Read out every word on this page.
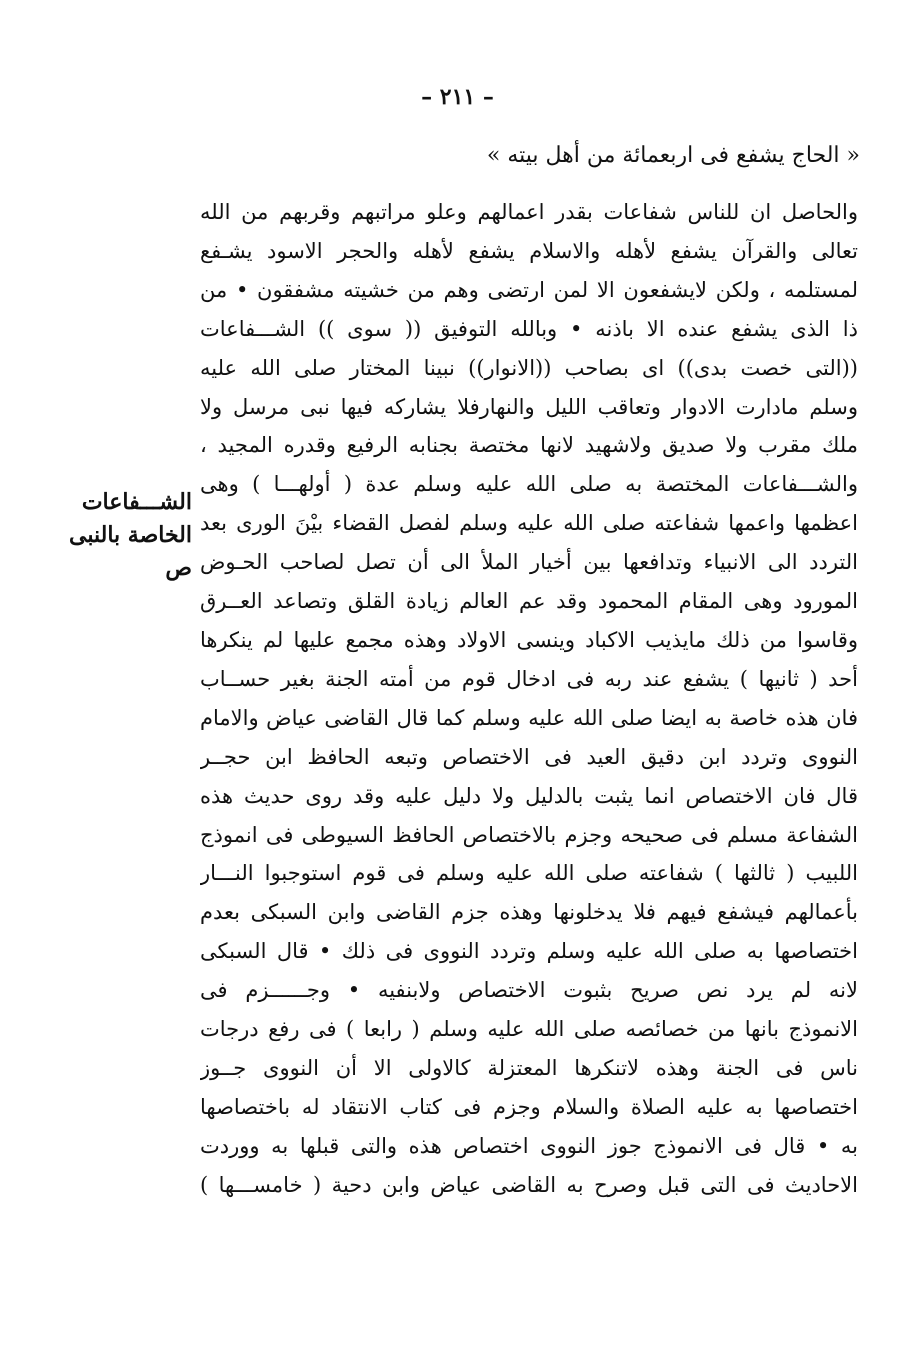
– ٢١١ –
« الحاج يشفع فى اربعمائة من أهل بيته »
الشـــفاعات
الخاصة بالنبى
ص
والحاصل ان للناس شفاعات بقدر اعمالهم وعلو مراتبهم وقربهم من الله
تعالى والقرآن يشفع لأهله والاسلام يشفع لأهله والحجر الاسود يشـفع
لمستلمه ، ولكن لايشفعون الا لمن ارتضى وهم من خشيته مشفقون • من
ذا الذى يشفع عنده الا باذنه • وبالله التوفيق (( سوى )) الشـــفاعات
((التى خصت بدى)) اى بصاحب ((الانوار)) نبينا المختار صلى الله عليه
وسلم مادارت الادوار وتعاقب الليل والنهارفلا يشاركه فيها نبى مرسل ولا
ملك مقرب ولا صديق ولاشهيد لانها مختصة بجنابه الرفيع وقدره المجيد ،
والشـــفاعات المختصة به صلى الله عليه وسلم عدة ( أولهـــا ) وهى
اعظمها واعمها شفاعته صلى الله عليه وسلم لفصل القضاء بيْنَ الورى بعد
التردد الى الانبياء وتدافعها بين أخيار الملأ الى أن تصل لصاحب الحـوض
المورود وهى المقام المحمود وقد عم العالم زيادة القلق وتصاعد العــرق
وقاسوا من ذلك مايذيب الاكباد وينسى الاولاد وهذه مجمع عليها لم ينكرها
أحد ( ثانيها ) يشفع عند ربه فى ادخال قوم من أمته الجنة بغير حســاب
فان هذه خاصة به ايضا صلى الله عليه وسلم كما قال القاضى عياض والامام
النووى وتردد ابن دقيق العيد فى الاختصاص وتبعه الحافظ ابن حجــر
قال فان الاختصاص انما يثبت بالدليل ولا دليل عليه وقد روى حديث هذه
الشفاعة مسلم فى صحيحه وجزم بالاختصاص الحافظ السيوطى فى انموذج
اللبيب ( ثالثها ) شفاعته صلى الله عليه وسلم فى قوم استوجبوا النـــار
بأعمالهم فيشفع فيهم فلا يدخلونها وهذه جزم القاضى وابن السبكى بعدم
اختصاصها به صلى الله عليه وسلم وتردد النووى فى ذلك • قال السبكى
لانه لم يرد نص صريح بثبوت الاختصاص ولابنفيه • وجــــــزم فى
الانموذج بانها من خصائصه صلى الله عليه وسلم ( رابعا ) فى رفع درجات
ناس فى الجنة وهذه لاتنكرها المعتزلة كالاولى الا أن النووى جــوز
اختصاصها به عليه الصلاة والسلام وجزم فى كتاب الانتقاد له باختصاصها
به • قال فى الانموذج جوز النووى اختصاص هذه والتى قبلها به ووردت
الاحاديث فى التى قبل وصرح به القاضى عياض وابن دحية ( خامســـها )
